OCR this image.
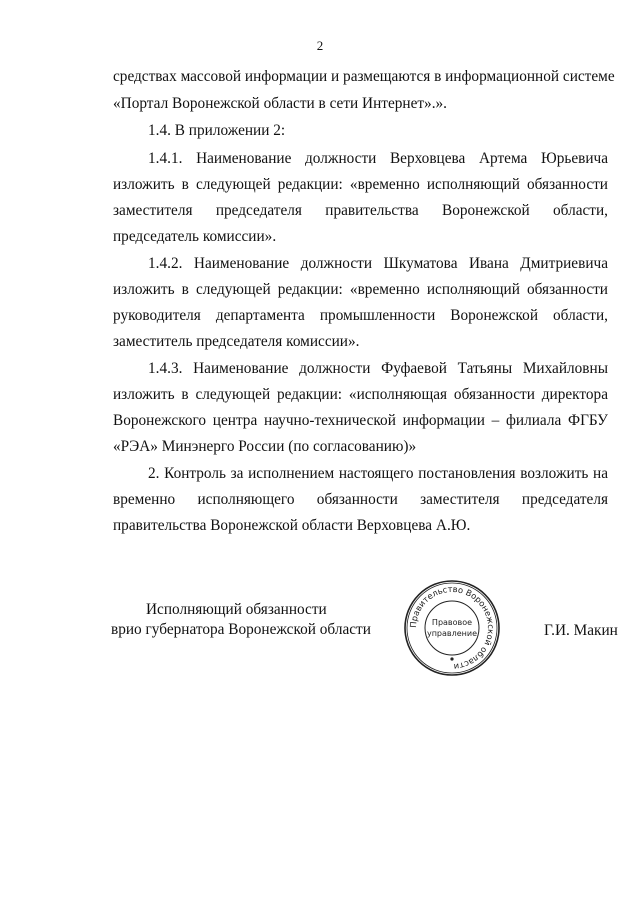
2
средствах массовой информации и размещаются в информационной системе
«Портал Воронежской области в сети Интернет».».
1.4. В приложении 2:
1.4.1. Наименование должности Верховцева Артема Юрьевича
изложить в следующей редакции: «временно исполняющий обязанности
заместителя председателя правительства Воронежской области,
председатель комиссии».
1.4.2. Наименование должности Шкуматова Ивана Дмитриевича
изложить в следующей редакции: «временно исполняющий обязанности
руководителя департамента промышленности Воронежской области,
заместитель председателя комиссии».
1.4.3. Наименование должности Фуфаевой Татьяны Михайловны
изложить в следующей редакции: «исполняющая обязанности директора
Воронежского центра научно-технической информации – филиала ФГБУ
«РЭА» Минэнерго России (по согласованию)»
2. Контроль за исполнением настоящего постановления возложить на
временно исполняющего обязанности заместителя председателя
правительства Воронежской области Верховцева А.Ю.
Исполняющий обязанности
врио губернатора Воронежской области	Правительство Воронежской области
Правовое
управление	Г.И. Макин
